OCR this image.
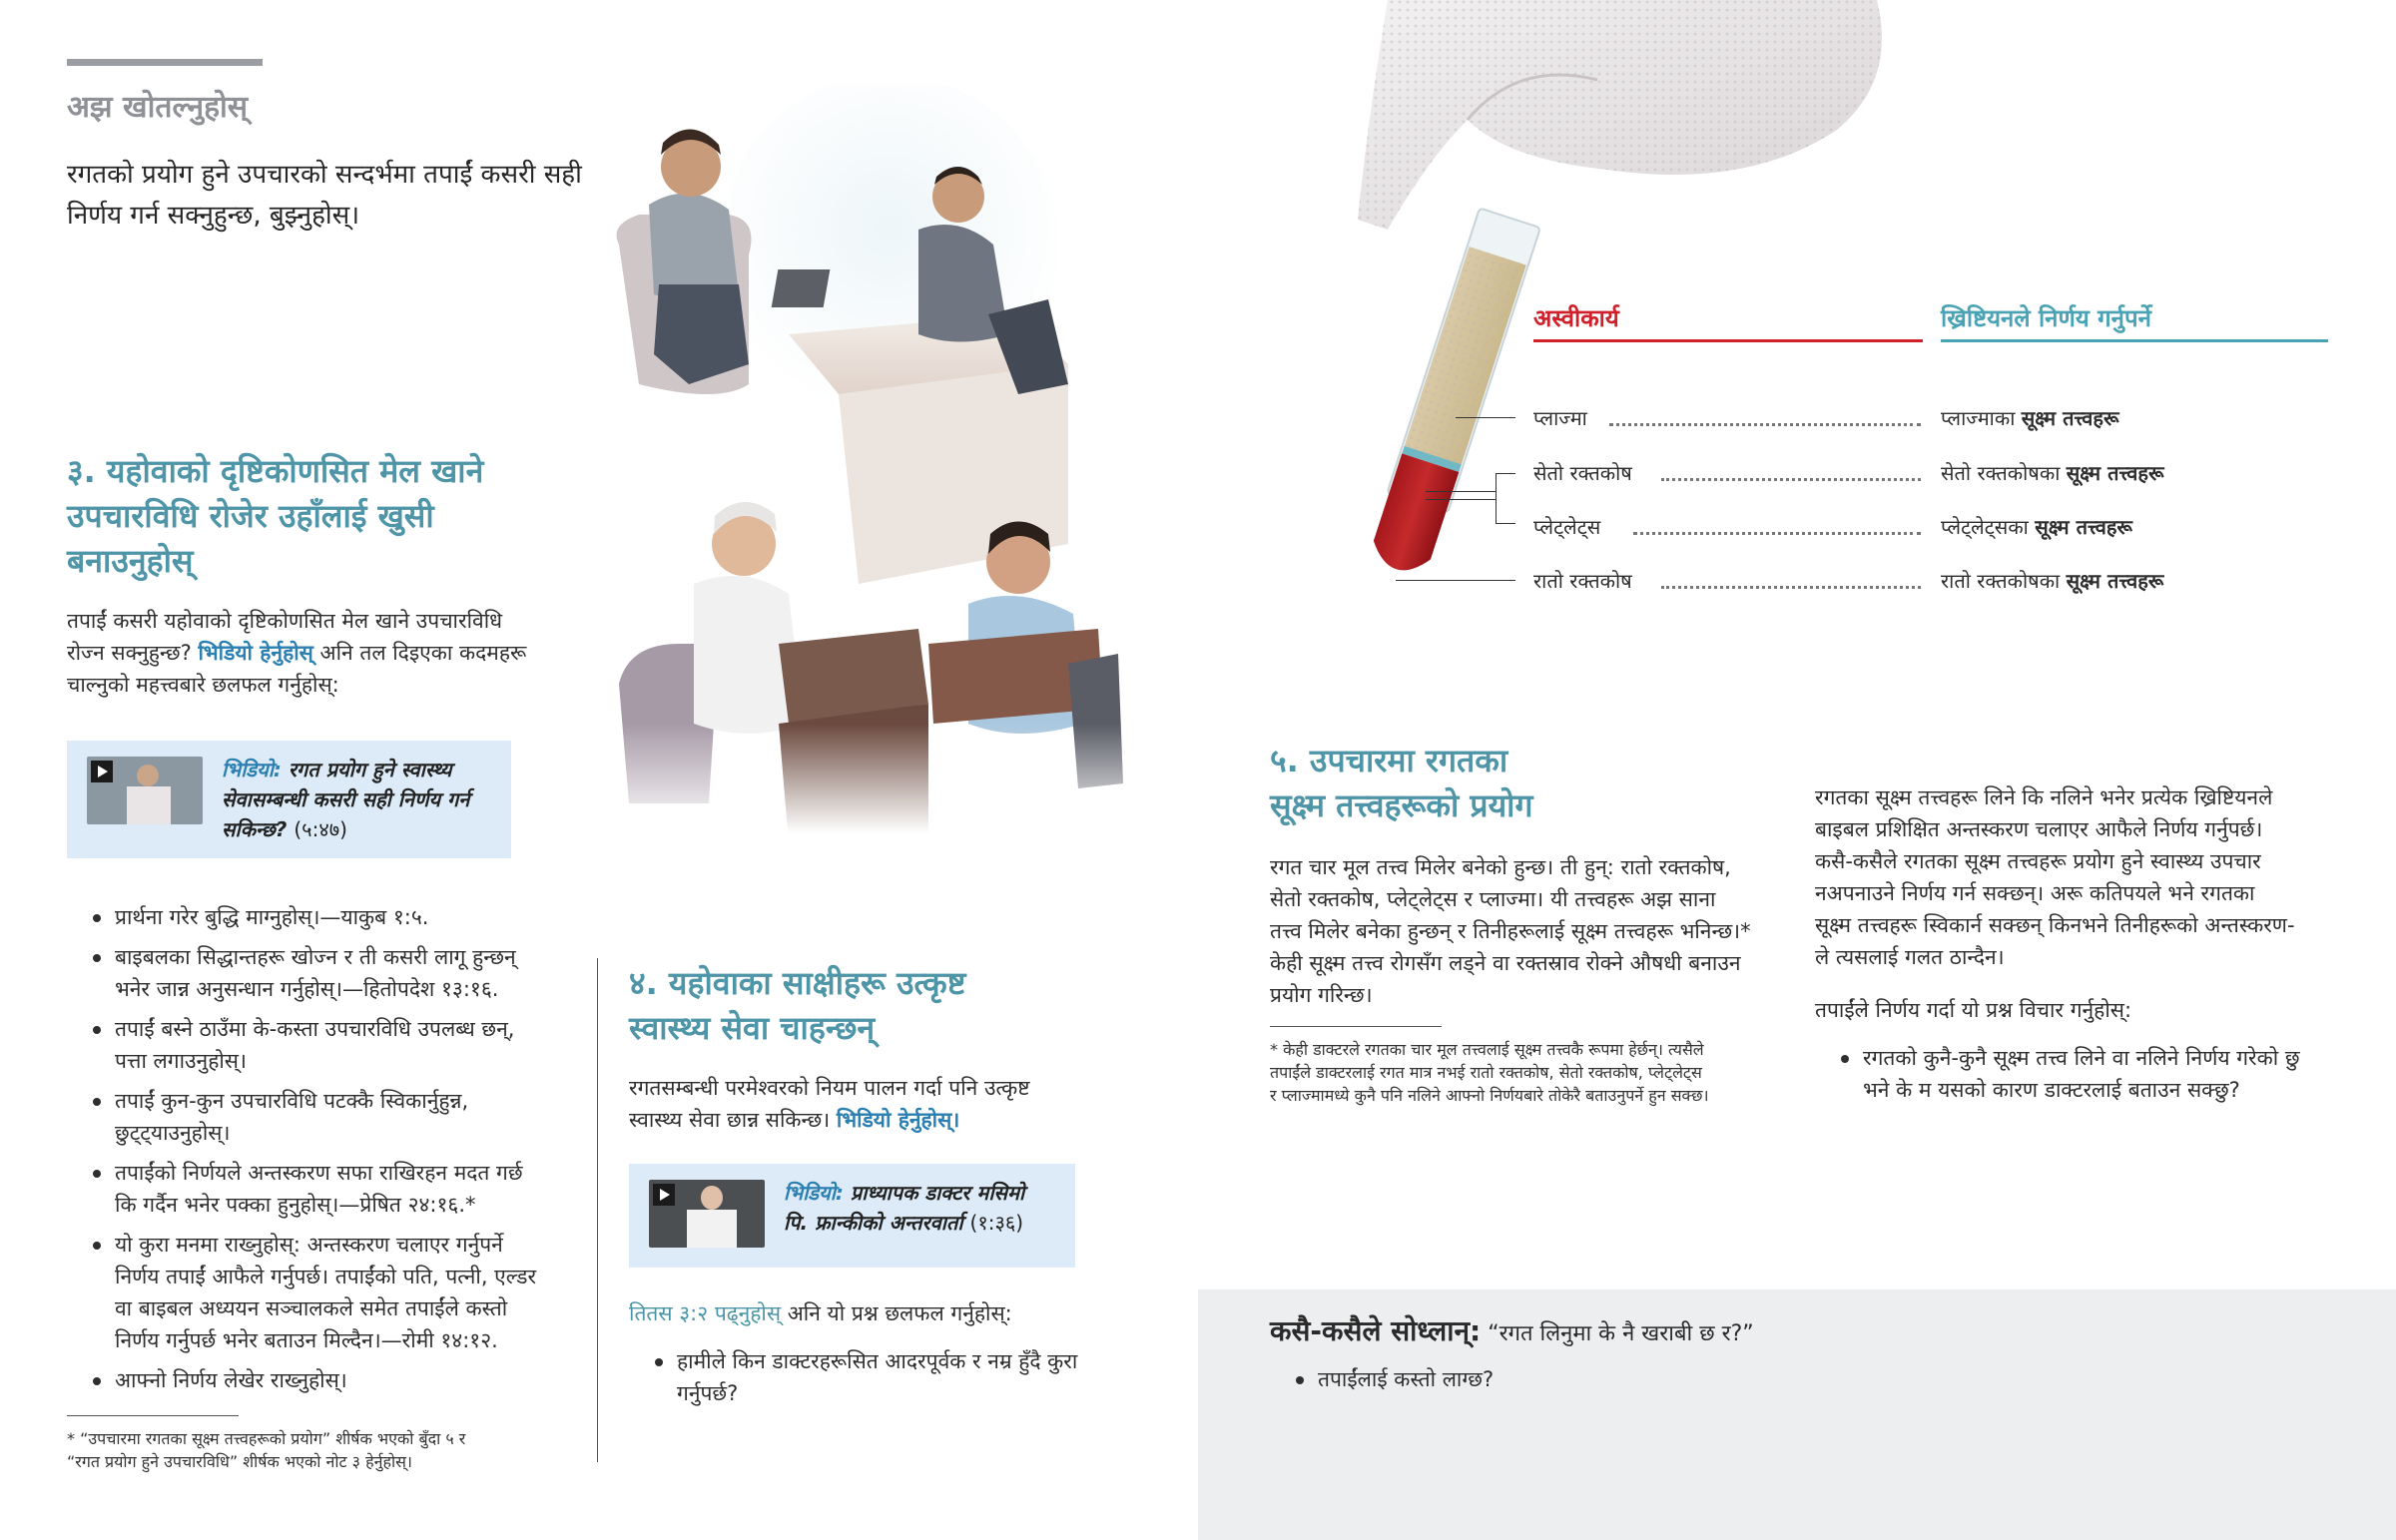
अझ खोतल्नुहोस्
रगतको प्रयोग हुने उपचारको सन्दर्भमा तपाईं कसरी सही
निर्णय गर्न सक्नुहुन्छ, बुझ्नुहोस्।
३. यहोवाको दृष्टिकोणसित मेल खाने
उपचारविधि रोजेर उहाँलाई खुसी
बनाउनुहोस्
तपाईं कसरी यहोवाको दृष्टिकोणसित मेल खाने उपचारविधि
रोज्न सक्नुहुन्छ? भिडियो हेर्नुहोस् अनि तल दिइएका कदमहरू
चाल्नुको महत्त्वबारे छलफल गर्नुहोस्:
भिडियो: रगत प्रयोग हुने स्वास्थ्य
सेवासम्बन्धी कसरी सही निर्णय गर्न
सकिन्छ? (५:४७)
प्रार्थना गरेर बुद्धि माग्नुहोस्।—याकुब १:५.
बाइबलका सिद्धान्तहरू खोज्न र ती कसरी लागू हुन्छन्
भनेर जान्न अनुसन्धान गर्नुहोस्।—हितोपदेश १३:१६.
तपाईं बस्ने ठाउँमा के-कस्ता उपचारविधि उपलब्ध छन्,
पत्ता लगाउनुहोस्।
तपाईं कुन-कुन उपचारविधि पटक्कै स्विकार्नुहुन्न,
छुट्ट्याउनुहोस्।
तपाईंको निर्णयले अन्तस्करण सफा राखिरहन मदत गर्छ
कि गर्दैन भनेर पक्का हुनुहोस्।—प्रेषित २४:१६.*
यो कुरा मनमा राख्नुहोस्: अन्तस्करण चलाएर गर्नुपर्ने
निर्णय तपाईं आफैले गर्नुपर्छ। तपाईंको पति, पत्नी, एल्डर
वा बाइबल अध्ययन सञ्चालकले समेत तपाईंले कस्तो
निर्णय गर्नुपर्छ भनेर बताउन मिल्दैन।—रोमी १४:१२.
आफ्नो निर्णय लेखेर राख्नुहोस्।
* “उपचारमा रगतका सूक्ष्म तत्त्वहरूको प्रयोग” शीर्षक भएको बुँदा ५ र
“रगत प्रयोग हुने उपचारविधि” शीर्षक भएको नोट ३ हेर्नुहोस्।
४. यहोवाका साक्षीहरू उत्कृष्ट
स्वास्थ्य सेवा चाहन्छन्
रगतसम्बन्धी परमेश्वरको नियम पालन गर्दा पनि उत्कृष्ट
स्वास्थ्य सेवा छान्न सकिन्छ। भिडियो हेर्नुहोस्।
भिडियो: प्राध्यापक डाक्टर मसिमो
पि. फ्रान्कीको अन्तरवार्ता (१:३६)
तितस ३:२ पढ्नुहोस् अनि यो प्रश्न छलफल गर्नुहोस्:
हामीले किन डाक्टरहरूसित आदरपूर्वक र नम्र हुँदै कुरा
गर्नुपर्छ?
कसै-कसैले सोध्लान्: “रगत लिनुमा के नै खराबी छ र?”
तपाईंलाई कस्तो लाग्छ?
अस्वीकार्य	ख्रिष्टियनले निर्णय गर्नुपर्ने
प्लाज्मा	प्लाज्माका सूक्ष्म तत्त्वहरू
सेतो रक्तकोष	सेतो रक्तकोषका सूक्ष्म तत्त्वहरू
प्लेट्लेट्स	प्लेट्लेट्सका सूक्ष्म तत्त्वहरू
रातो रक्तकोष	रातो रक्तकोषका सूक्ष्म तत्त्वहरू
५. उपचारमा रगतका
सूक्ष्म तत्त्वहरूको प्रयोग
रगत चार मूल तत्त्व मिलेर बनेको हुन्छ। ती हुन्: रातो रक्तकोष,
सेतो रक्तकोष, प्लेट्लेट्स र प्लाज्मा। यी तत्त्वहरू अझ साना
तत्त्व मिलेर बनेका हुन्छन् र तिनीहरूलाई सूक्ष्म तत्त्वहरू भनिन्छ।*
केही सूक्ष्म तत्त्व रोगसँग लड्ने वा रक्तस्राव रोक्ने औषधी बनाउन
प्रयोग गरिन्छ।
* केही डाक्टरले रगतका चार मूल तत्त्वलाई सूक्ष्म तत्त्वकै रूपमा हेर्छन्। त्यसैले
तपाईंले डाक्टरलाई रगत मात्र नभई रातो रक्तकोष, सेतो रक्तकोष, प्लेट्लेट्स
र प्लाज्मामध्ये कुनै पनि नलिने आफ्नो निर्णयबारे तोकेरै बताउनुपर्ने हुन सक्छ।
रगतका सूक्ष्म तत्त्वहरू लिने कि नलिने भनेर प्रत्येक ख्रिष्टियनले
बाइबल प्रशिक्षित अन्तस्करण चलाएर आफैले निर्णय गर्नुपर्छ।
कसै-कसैले रगतका सूक्ष्म तत्त्वहरू प्रयोग हुने स्वास्थ्य उपचार
नअपनाउने निर्णय गर्न सक्छन्। अरू कतिपयले भने रगतका
सूक्ष्म तत्त्वहरू स्विकार्न सक्छन् किनभने तिनीहरूको अन्तस्करण-
ले त्यसलाई गलत ठान्दैन।
तपाईंले निर्णय गर्दा यो प्रश्न विचार गर्नुहोस्:
रगतको कुनै-कुनै सूक्ष्म तत्त्व लिने वा नलिने निर्णय गरेको छु
भने के म यसको कारण डाक्टरलाई बताउन सक्छु?
